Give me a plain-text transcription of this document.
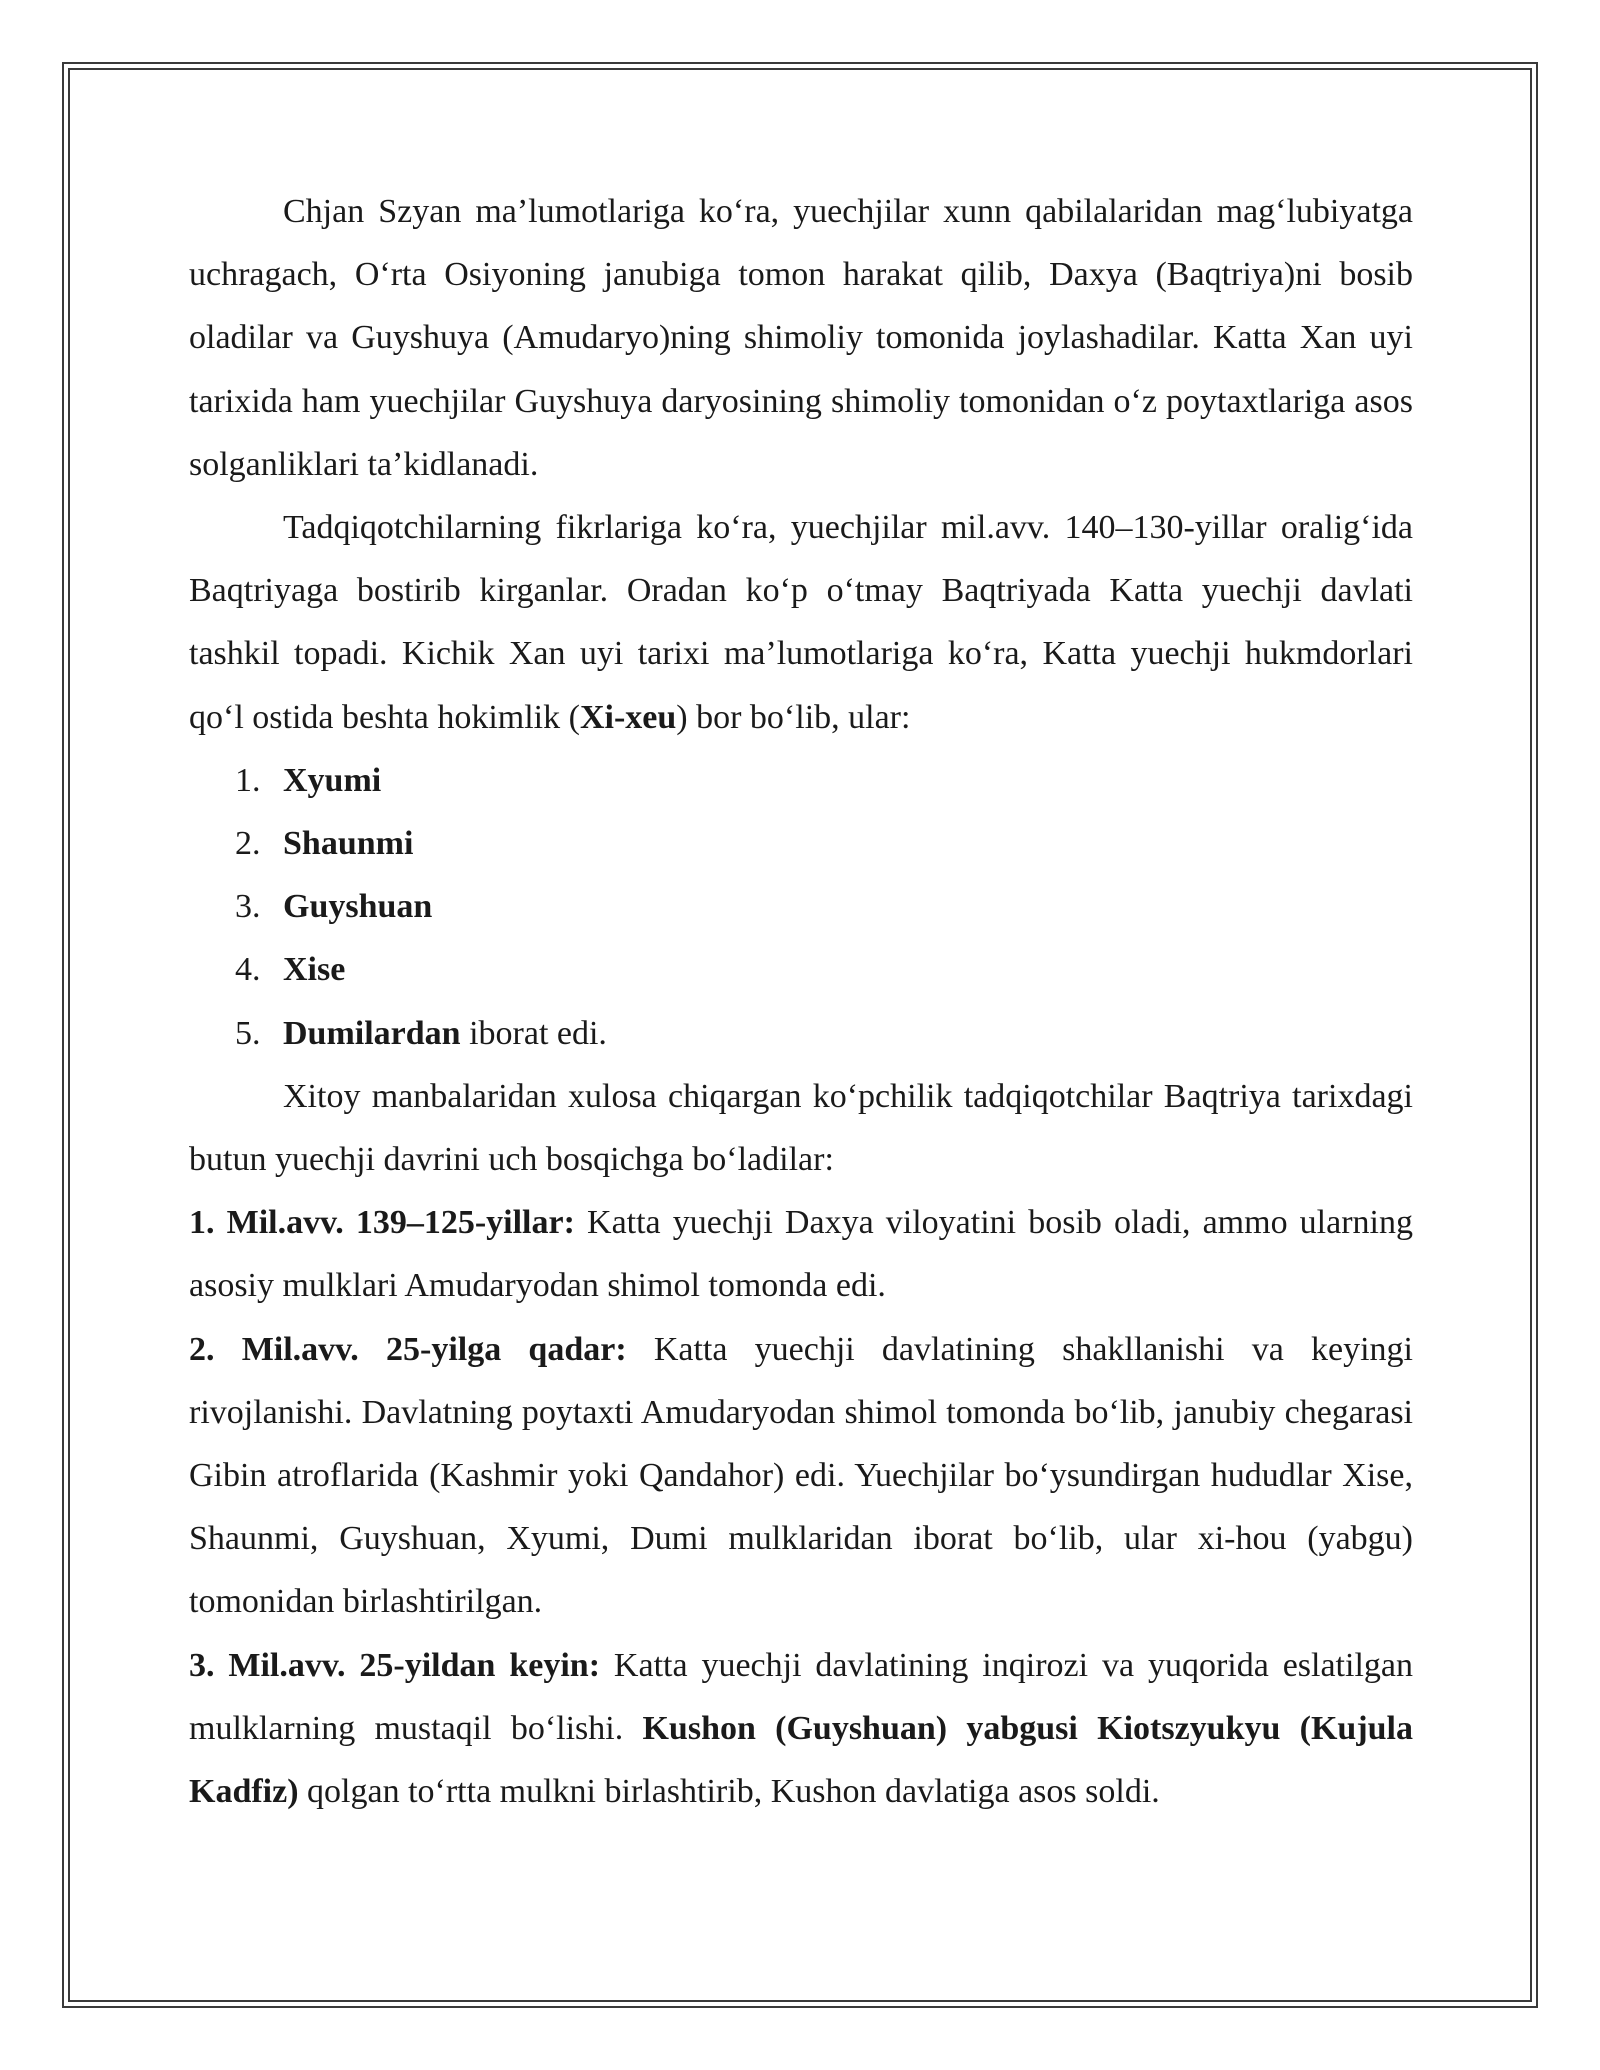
Chjan Szyan ma’lumotlariga ko‘ra, yuechjilar xunn qabilalaridan mag‘lubiyatga uchragach, O‘rta Osiyoning janubiga tomon harakat qilib, Daxya (Baqtriya)ni bosib oladilar va Guyshuya (Amudaryo)ning shimoliy tomonida joylashadilar. Katta Xan uyi tarixida ham yuechjilar Guyshuya daryosining shimoliy tomonidan o‘z poytaxtlariga asos solganliklari ta’kidlanadi.

Tadqiqotchilarning fikrlariga ko‘ra, yuechjilar mil.avv. 140–130-yillar oralig‘ida Baqtriyaga bostirib kirganlar. Oradan ko‘p o‘tmay Baqtriyada Katta yuechji davlati tashkil topadi. Kichik Xan uyi tarixi ma’lumotlariga ko‘ra, Katta yuechji hukmdorlari qo‘l ostida beshta hokimlik (Xi-xeu) bor bo‘lib, ular:

1. Xyumi
2. Shaunmi
3. Guyshuan
4. Xise
5. Dumilardan iborat edi.

Xitoy manbalaridan xulosa chiqargan ko‘pchilik tadqiqotchilar Baqtriya tarixdagi butun yuechji davrini uch bosqichga bo‘ladilar:

1. Mil.avv. 139–125-yillar: Katta yuechji Daxya viloyatini bosib oladi, ammo ularning asosiy mulklari Amudaryodan shimol tomonda edi.

2. Mil.avv. 25-yilga qadar: Katta yuechji davlatining shakllanishi va keyingi rivojlanishi. Davlatning poytaxti Amudaryodan shimol tomonda bo‘lib, janubiy chegarasi Gibin atroflarida (Kashmir yoki Qandahor) edi. Yuechjilar bo‘ysundirgan hududlar Xise, Shaunmi, Guyshuan, Xyumi, Dumi mulklaridan iborat bo‘lib, ular xi-hou (yabgu) tomonidan birlashtirilgan.

3. Mil.avv. 25-yildan keyin: Katta yuechji davlatining inqirozi va yuqorida eslatilgan mulklarning mustaqil bo‘lishi. Kushon (Guyshuan) yabgusi Kiotszyukyu (Kujula Kadfiz) qolgan to‘rtta mulkni birlashtirib, Kushon davlatiga asos soldi.
